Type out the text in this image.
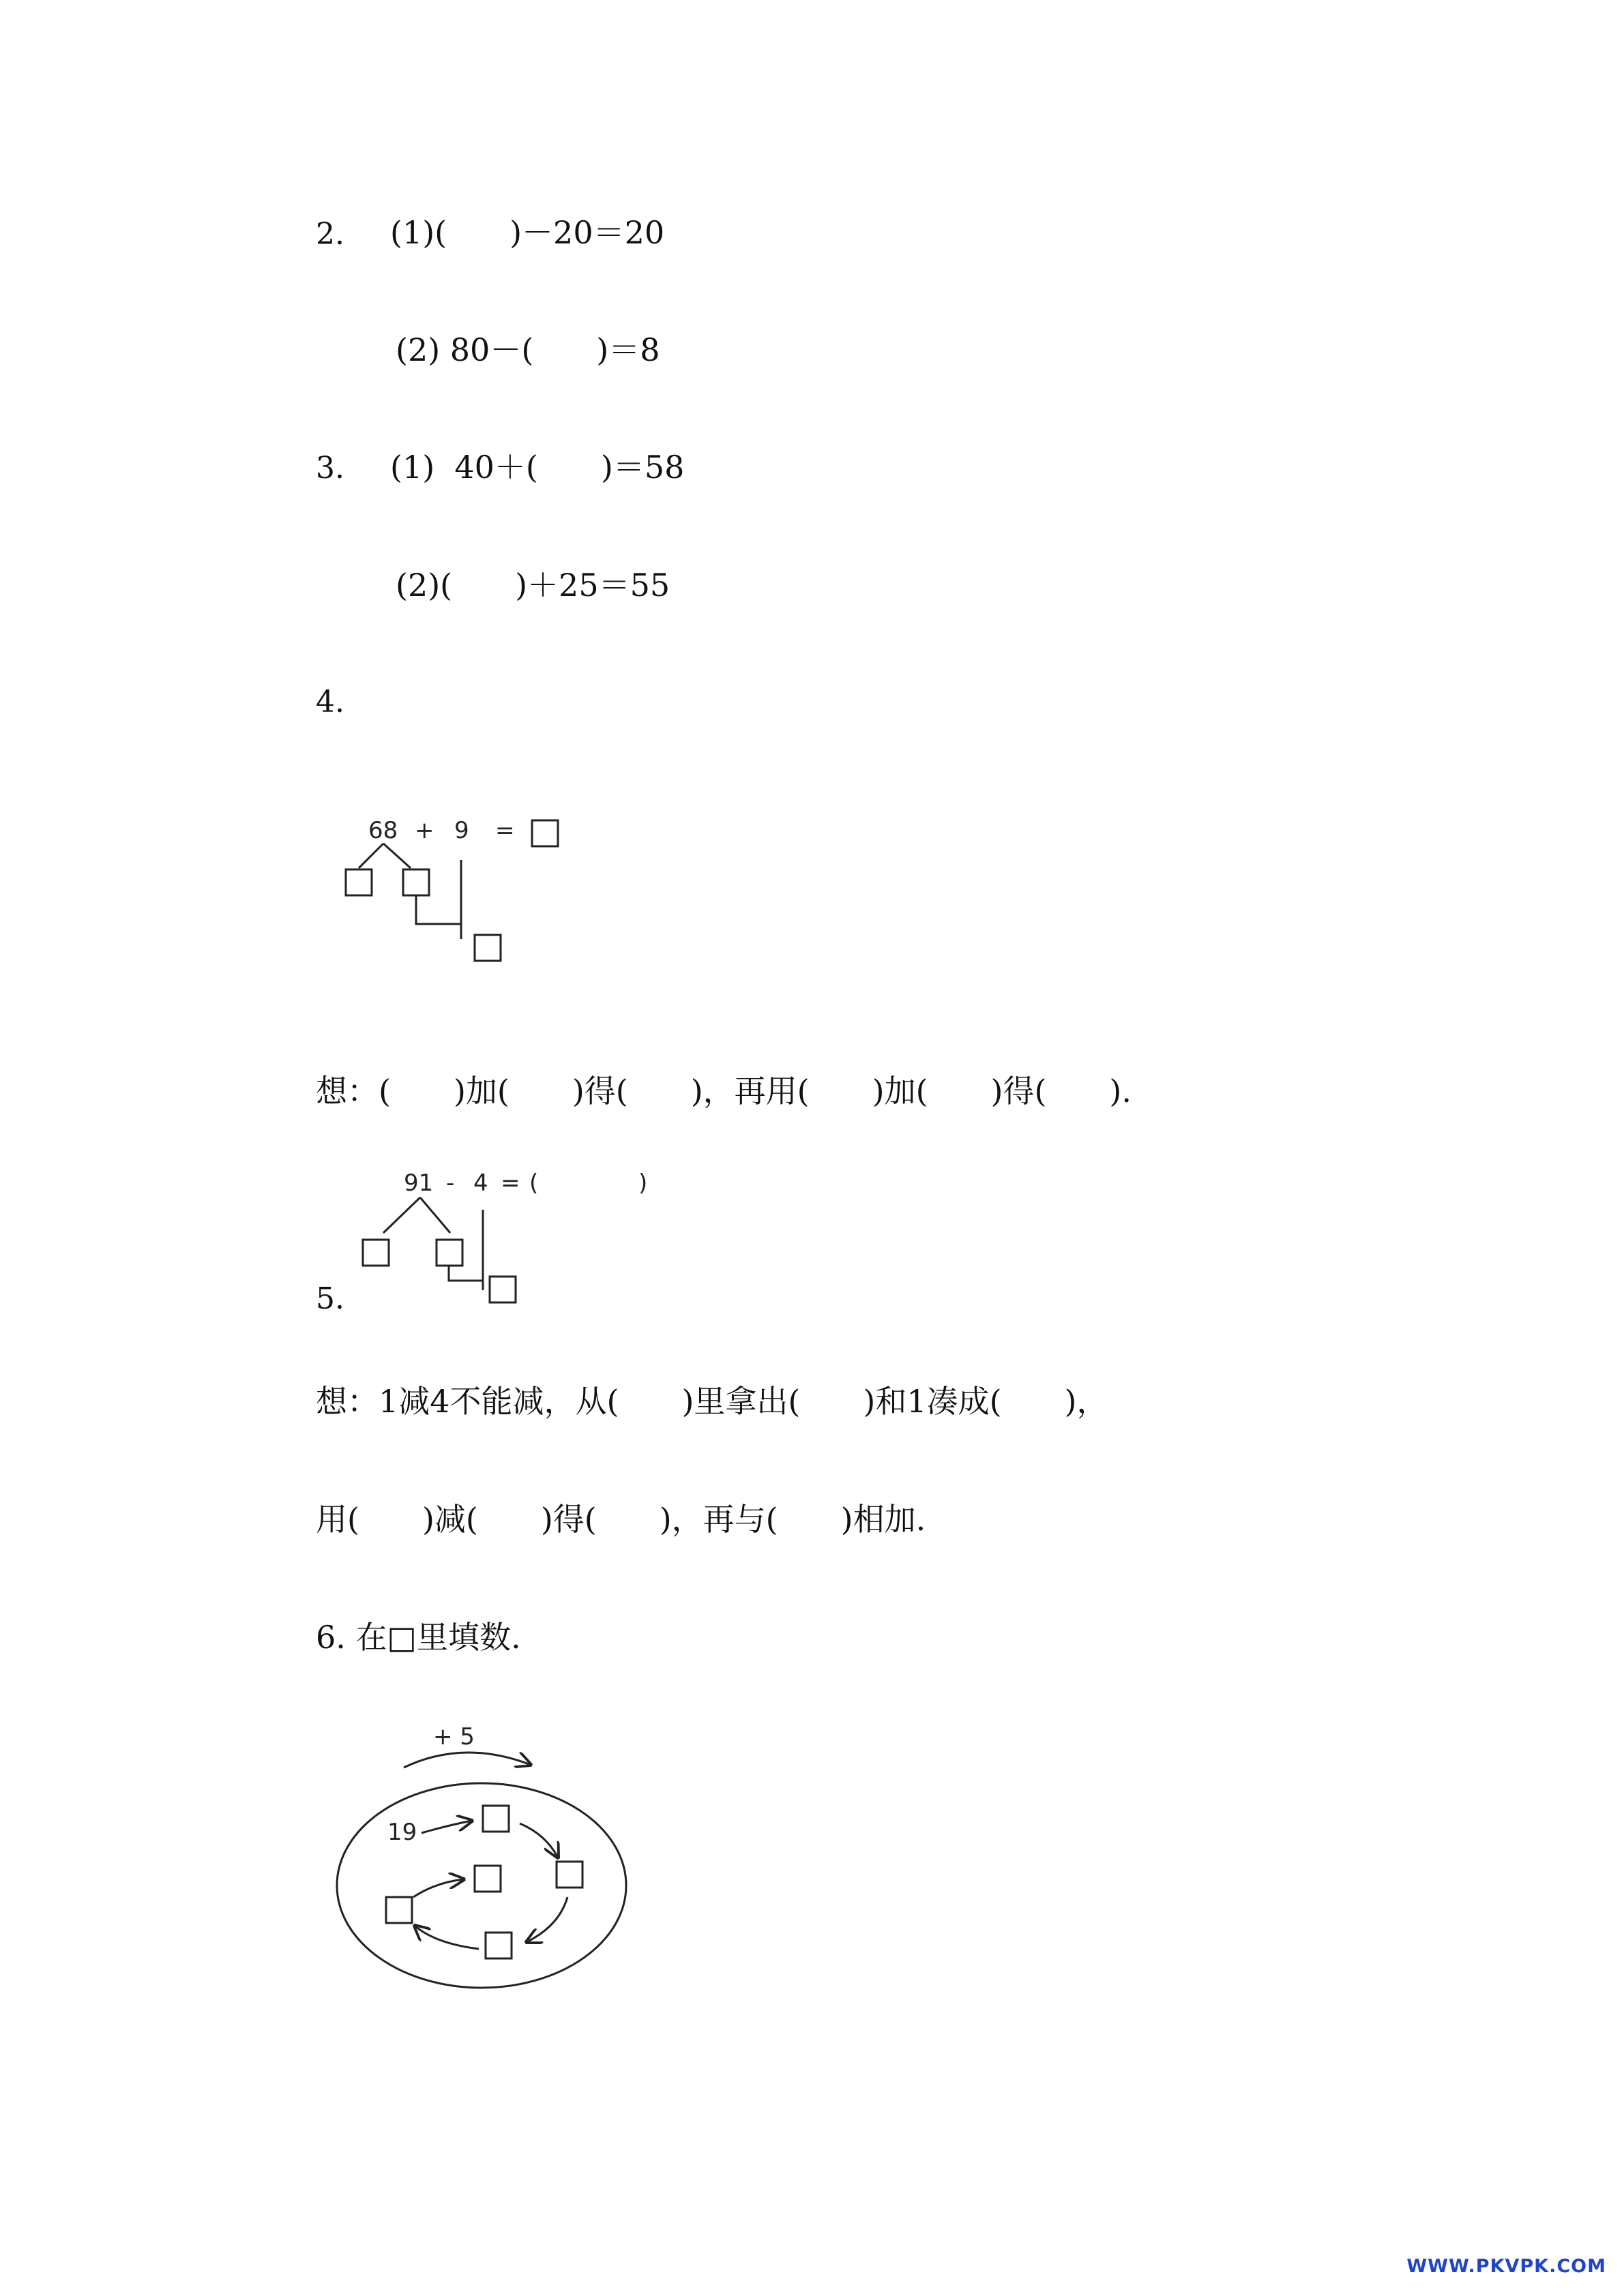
2. (1)(　　)－20＝20
(2) 80－(　　)＝8
3. (1)  40＋(　　)＝58
(2)(　　)＋25＝55
4.
68 + 9 =
想：(　　)加(　　)得(　　)，再用(　　)加(　　)得(　　).
91 - 4 = (	)
5.
想：1减4不能减，从(　　)里拿出(　　)和1凑成(　　)，
用(　　)减(　　)得(　　)，再与(　　)相加.
6. 在□里填数.
+ 5
19
WWW.PKVPK.COM
